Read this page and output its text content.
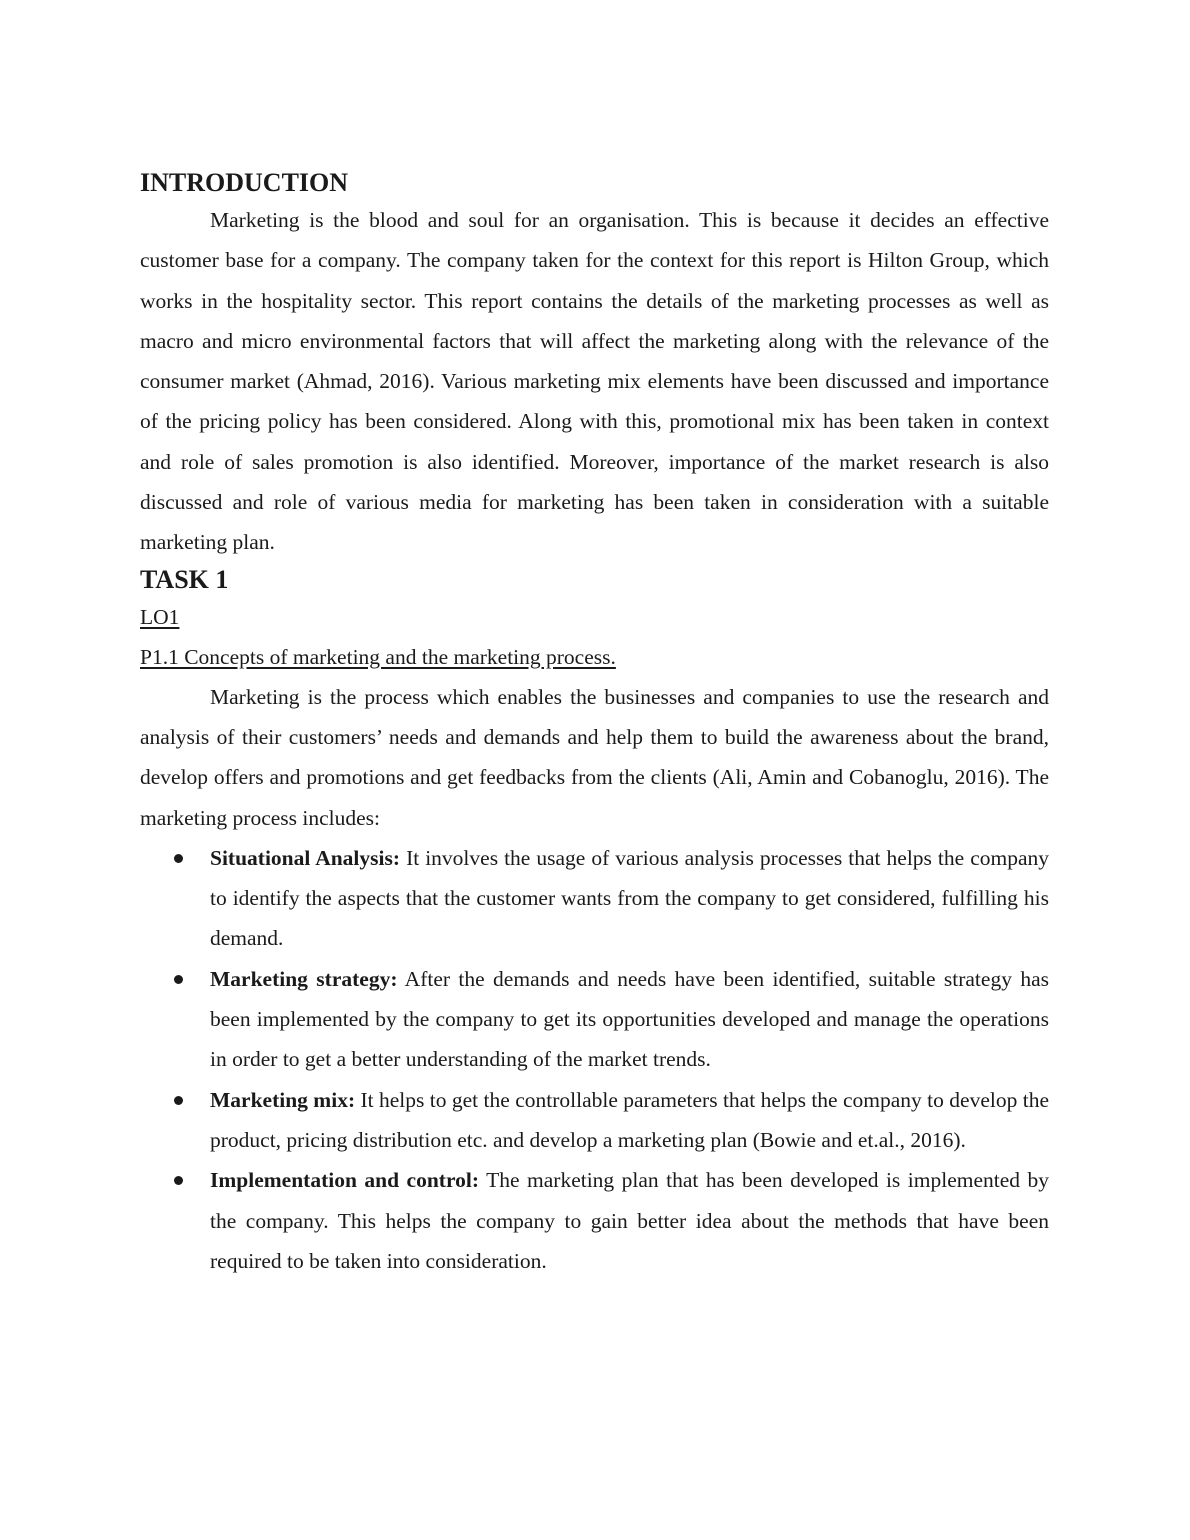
INTRODUCTION

Marketing is the blood and soul for an organisation. This is because it decides an effective customer base for a company. The company taken for the context for this report is Hilton Group, which works in the hospitality sector. This report contains the details of the marketing processes as well as macro and micro environmental factors that will affect the marketing along with the relevance of the consumer market (Ahmad, 2016). Various marketing mix elements have been discussed and importance of the pricing policy has been considered. Along with this, promotional mix has been taken in context and role of sales promotion is also identified. Moreover, importance of the market research is also discussed and role of various media for marketing has been taken in consideration with a suitable marketing plan.

TASK 1
LO1
P1.1 Concepts of marketing and the marketing process.

Marketing is the process which enables the businesses and companies to use the research and analysis of their customers’ needs and demands and help them to build the awareness about the brand, develop offers and promotions and get feedbacks from the clients (Ali, Amin and Cobanoglu, 2016). The marketing process includes:

Situational Analysis: It involves the usage of various analysis processes that helps the company to identify the aspects that the customer wants from the company to get considered, fulfilling his demand.
Marketing strategy: After the demands and needs have been identified, suitable strategy has been implemented by the company to get its opportunities developed and manage the operations in order to get a better understanding of the market trends.
Marketing mix: It helps to get the controllable parameters that helps the company to develop the product, pricing distribution etc. and develop a marketing plan (Bowie and et.al., 2016).
Implementation and control: The marketing plan that has been developed is implemented by the company. This helps the company to gain better idea about the methods that have been required to be taken into consideration.
